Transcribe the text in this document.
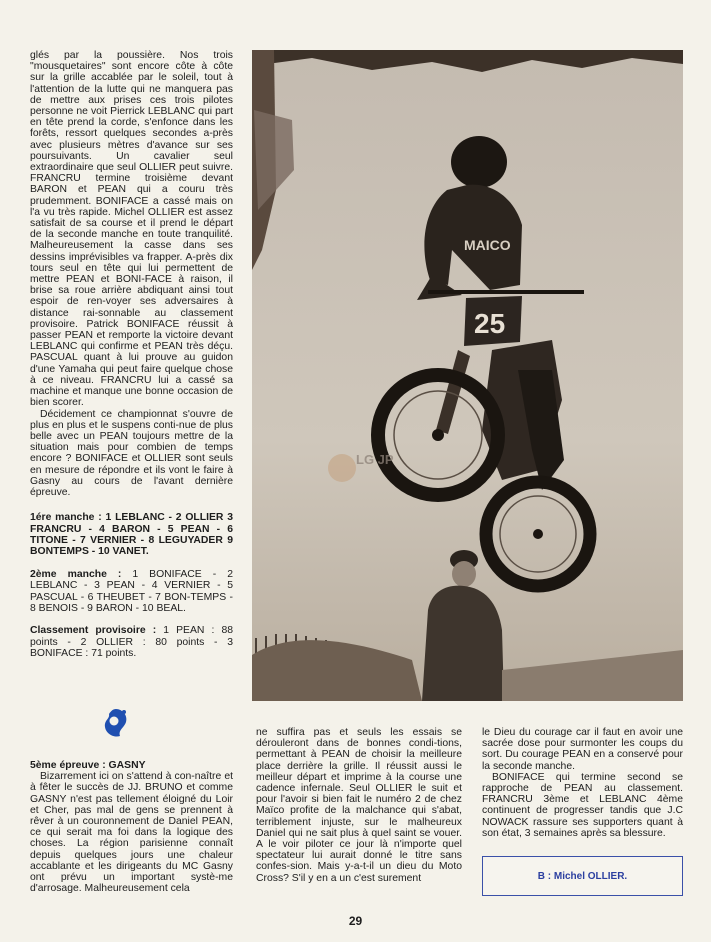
glés par la poussière. Nos trois "mousquetaires" sont encore côte à côte sur la grille accablée par le soleil, tout à l'attention de la lutte qui ne manquera pas de mettre aux prises ces trois pilotes personne ne voit Pierrick LEBLANC qui part en tête prend la corde, s'enfonce dans les forêts, ressort quelques secondes a-près avec plusieurs mètres d'avance sur ses poursuivants. Un cavalier seul extraordinaire que seul OLLIER peut suivre. FRANCRU termine troisième devant BARON et PEAN qui a couru très prudemment. BONIFACE a cassé mais on l'a vu très rapide. Michel OLLIER est assez satisfait de sa course et il prend le départ de la seconde manche en toute tranquilité. Malheureusement la casse dans ses dessins imprévisibles va frapper. A-près dix tours seul en tête qui lui permettent de mettre PEAN et BONI-FACE à raison, il brise sa roue arrière abdiquant ainsi tout espoir de ren-voyer ses adversaires à distance rai-sonnable au classement provisoire. Patrick BONIFACE réussit à passer PEAN et remporte la victoire devant LEBLANC qui confirme et PEAN très déçu. PASCUAL quant à lui prouve au guidon d'une Yamaha qui peut faire quelque chose à ce niveau. FRANCRU lui a cassé sa machine et manque une bonne occasion de bien scorer.

Décidement ce championnat s'ouvre de plus en plus et le suspens conti-nue de plus belle avec un PEAN toujours mettre de la situation mais pour combien de temps encore ? BONIFACE et OLLIER sont seuls en mesure de répondre et ils vont le faire à Gasny au cours de l'avant dernière épreuve.

1ére manche : 1 LEBLANC - 2 OLLIER 3 FRANCRU - 4 BARON - 5 PEAN - 6 TITONE - 7 VERNIER - 8 LEGUYADER 9 BONTEMPS - 10 VANET.

2ème manche : 1 BONIFACE - 2 LEBLANC - 3 PEAN - 4 VERNIER - 5 PASCUAL - 6 THEUBET - 7 BON-TEMPS - 8 BENOIS - 9 BARON - 10 BEAL.

Classement provisoire : 1 PEAN : 88 points - 2 OLLIER : 80 points - 3 BONIFACE : 71 points.

MAICO
25
LG JP
5ème épreuve : GASNY

Bizarrement ici on s'attend à con-naître et à fêter le succès de JJ. BRUNO et comme GASNY n'est pas tellement éloigné du Loir et Cher, pas mal de gens se prennent à rêver à un couronnement de Daniel PEAN, ce qui serait ma foi dans la logique des choses. La région parisienne connaît depuis quelques jours une chaleur accablante et les dirigeants du MC Gasny ont prévu un important systè-me d'arrosage. Malheureusement cela

ne suffira pas et seuls les essais se dérouleront dans de bonnes condi-tions, permettant à PEAN de choisir la meilleure place derrière la grille. Il réussit aussi le meilleur départ et imprime à la course une cadence infernale. Seul OLLIER le suit et pour l'avoir si bien fait le numéro 2 de chez Maïco profite de la malchance qui s'abat, terriblement injuste, sur le malheureux Daniel qui ne sait plus à quel saint se vouer. A le voir piloter ce jour là n'importe quel spectateur lui aurait donné le titre sans confes-sion. Mais y-a-t-il un dieu du Moto Cross? S'il y en a un c'est surement

le Dieu du courage car il faut en avoir une sacrée dose pour surmonter les coups du sort. Du courage PEAN en a conservé pour la seconde manche.

BONIFACE qui termine second se rapproche de PEAN au classement. FRANCRU 3ème et LEBLANC 4ème continuent de progresser tandis que J.C NOWACK rassure ses supporters quant à son état, 3 semaines après sa blessure.

B : Michel OLLIER.
29
